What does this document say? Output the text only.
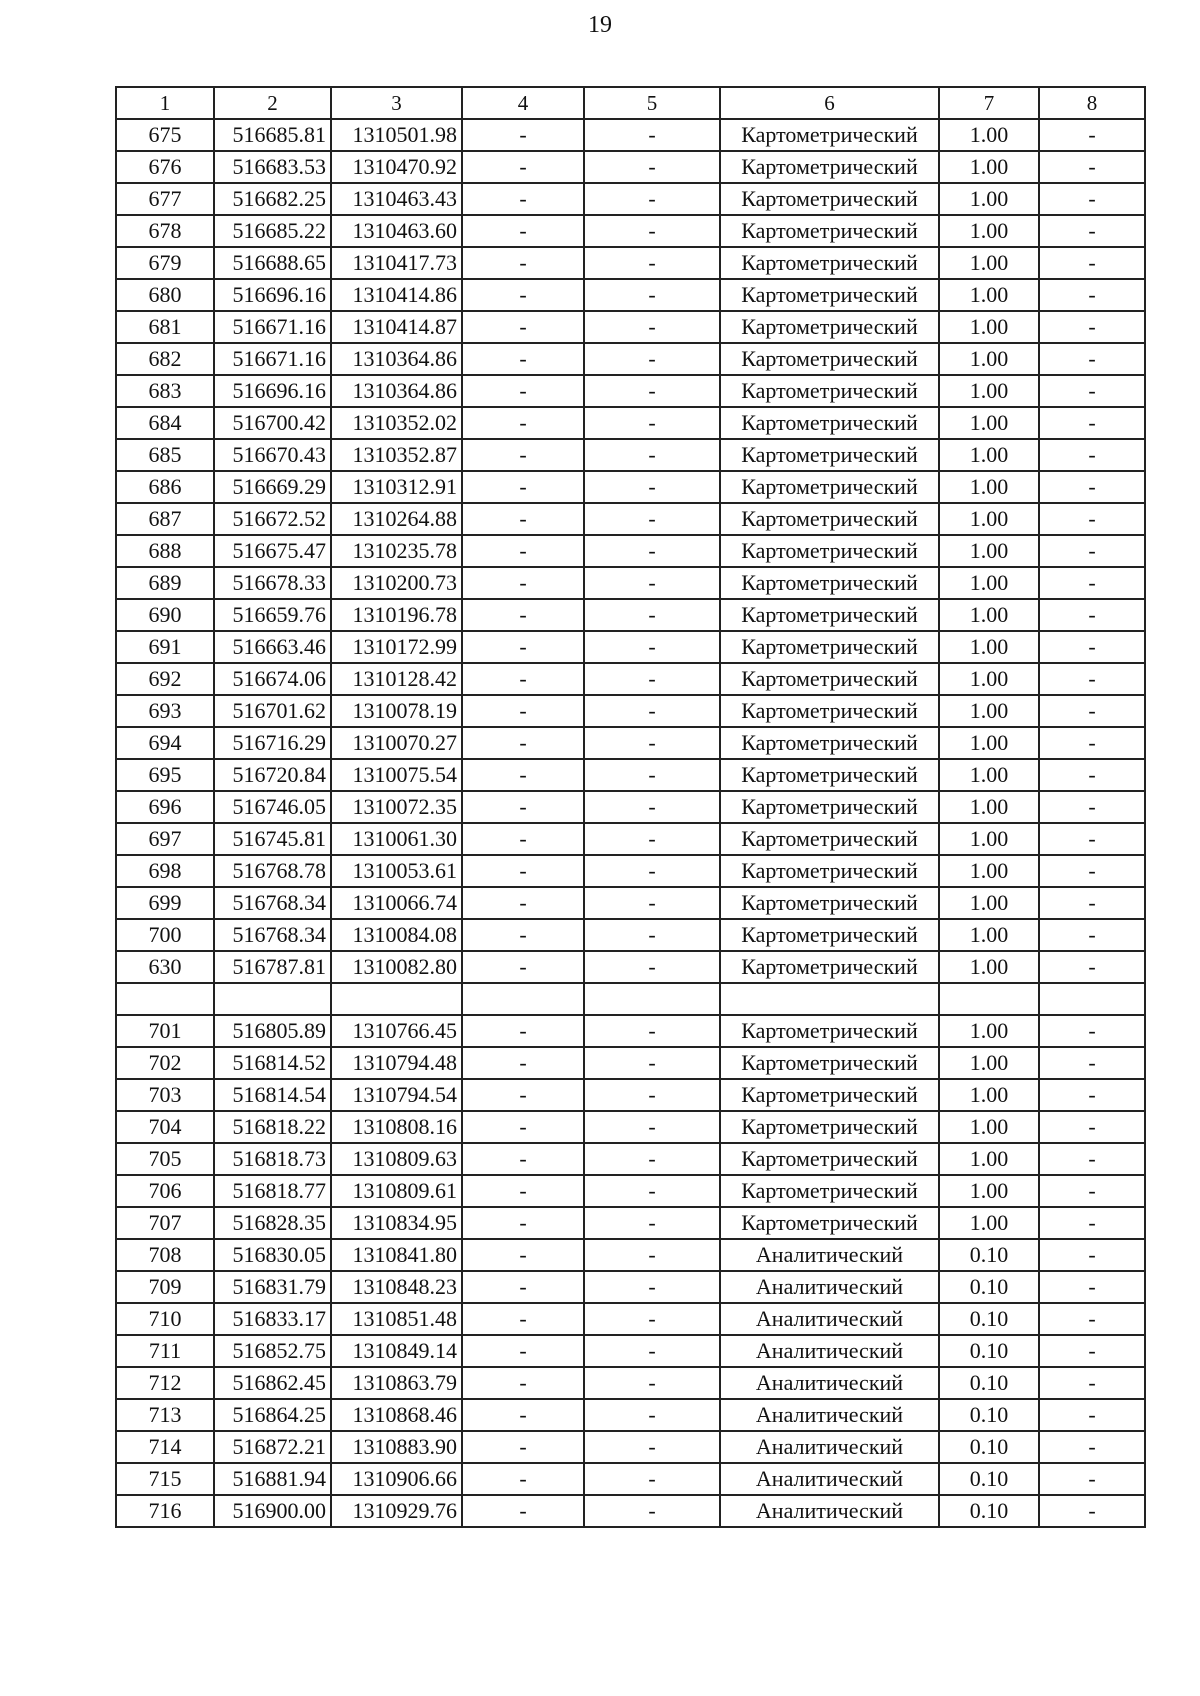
19
1	2	3	4	5	6	7	8
675	516685.81	1310501.98	-	-	Картометрический	1.00	-
676	516683.53	1310470.92	-	-	Картометрический	1.00	-
677	516682.25	1310463.43	-	-	Картометрический	1.00	-
678	516685.22	1310463.60	-	-	Картометрический	1.00	-
679	516688.65	1310417.73	-	-	Картометрический	1.00	-
680	516696.16	1310414.86	-	-	Картометрический	1.00	-
681	516671.16	1310414.87	-	-	Картометрический	1.00	-
682	516671.16	1310364.86	-	-	Картометрический	1.00	-
683	516696.16	1310364.86	-	-	Картометрический	1.00	-
684	516700.42	1310352.02	-	-	Картометрический	1.00	-
685	516670.43	1310352.87	-	-	Картометрический	1.00	-
686	516669.29	1310312.91	-	-	Картометрический	1.00	-
687	516672.52	1310264.88	-	-	Картометрический	1.00	-
688	516675.47	1310235.78	-	-	Картометрический	1.00	-
689	516678.33	1310200.73	-	-	Картометрический	1.00	-
690	516659.76	1310196.78	-	-	Картометрический	1.00	-
691	516663.46	1310172.99	-	-	Картометрический	1.00	-
692	516674.06	1310128.42	-	-	Картометрический	1.00	-
693	516701.62	1310078.19	-	-	Картометрический	1.00	-
694	516716.29	1310070.27	-	-	Картометрический	1.00	-
695	516720.84	1310075.54	-	-	Картометрический	1.00	-
696	516746.05	1310072.35	-	-	Картометрический	1.00	-
697	516745.81	1310061.30	-	-	Картометрический	1.00	-
698	516768.78	1310053.61	-	-	Картометрический	1.00	-
699	516768.34	1310066.74	-	-	Картометрический	1.00	-
700	516768.34	1310084.08	-	-	Картометрический	1.00	-
630	516787.81	1310082.80	-	-	Картометрический	1.00	-

701	516805.89	1310766.45	-	-	Картометрический	1.00	-
702	516814.52	1310794.48	-	-	Картометрический	1.00	-
703	516814.54	1310794.54	-	-	Картометрический	1.00	-
704	516818.22	1310808.16	-	-	Картометрический	1.00	-
705	516818.73	1310809.63	-	-	Картометрический	1.00	-
706	516818.77	1310809.61	-	-	Картометрический	1.00	-
707	516828.35	1310834.95	-	-	Картометрический	1.00	-
708	516830.05	1310841.80	-	-	Аналитический	0.10	-
709	516831.79	1310848.23	-	-	Аналитический	0.10	-
710	516833.17	1310851.48	-	-	Аналитический	0.10	-
711	516852.75	1310849.14	-	-	Аналитический	0.10	-
712	516862.45	1310863.79	-	-	Аналитический	0.10	-
713	516864.25	1310868.46	-	-	Аналитический	0.10	-
714	516872.21	1310883.90	-	-	Аналитический	0.10	-
715	516881.94	1310906.66	-	-	Аналитический	0.10	-
716	516900.00	1310929.76	-	-	Аналитический	0.10	-
